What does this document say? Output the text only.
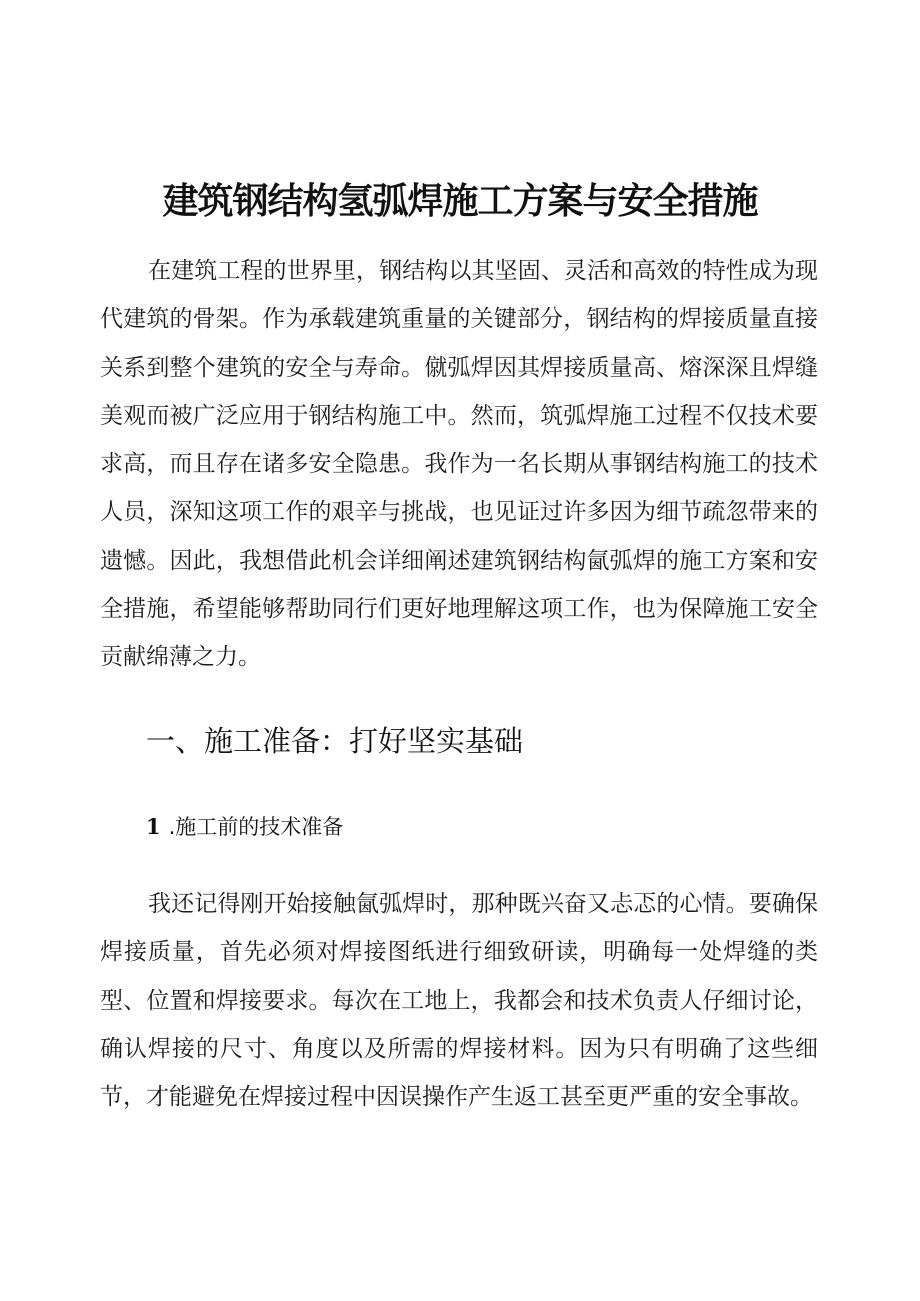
建筑钢结构氢弧焊施工方案与安全措施

在建筑工程的世界里，钢结构以其坚固、灵活和高效的特性成为现代建筑的骨架。作为承载建筑重量的关键部分，钢结构的焊接质量直接关系到整个建筑的安全与寿命。僦弧焊因其焊接质量高、熔深深且焊缝美观而被广泛应用于钢结构施工中。然而，筑弧焊施工过程不仅技术要求高，而且存在诸多安全隐患。我作为一名长期从事钢结构施工的技术人员，深知这项工作的艰辛与挑战，也见证过许多因为细节疏忽带来的遗憾。因此，我想借此机会详细阐述建筑钢结构氤弧焊的施工方案和安全措施，希望能够帮助同行们更好地理解这项工作，也为保障施工安全贡献绵薄之力。

一、施工准备：打好坚实基础
1 .施工前的技术准备

我还记得刚开始接触氤弧焊时，那种既兴奋又忐忑的心情。要确保焊接质量，首先必须对焊接图纸进行细致研读，明确每一处焊缝的类型、位置和焊接要求。每次在工地上，我都会和技术负责人仔细讨论，确认焊接的尺寸、角度以及所需的焊接材料。因为只有明确了这些细节，才能避免在焊接过程中因误操作产生返工甚至更严重的安全事故。
